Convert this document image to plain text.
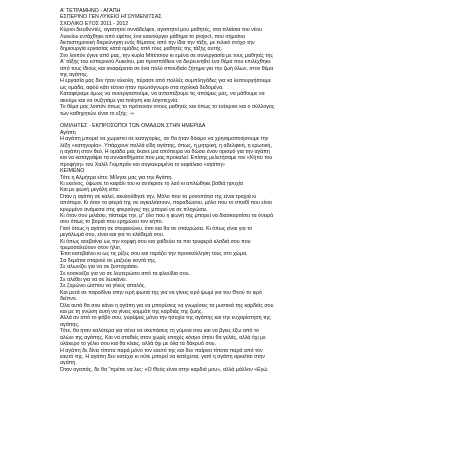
Α' ΤΕΤΡΑΜΗΝΟ - ΑΓΑΠΗ

ΕΣΠΕΡΙΝΟ ΓΕΝ ΛΥΚΕΙΟ ΗΓΟΥΜΕΝΙΤΣΑΣ

ΣΧΟΛΙΚΟ ΕΤΟΣ 2011 - 2012

Κύριοι διευθυντές, αγαπητοί συνάδελφοι, αγαπητοί μου μαθητές, στα πλαίσια του νέου
Λυκείου εντάχθηκε από εφέτος ένα καινούργιο μάθημα το project, που σημαίνει
διεπιστημονική διερεύνηση ενός θέματος από την ίδια την τάξη, με τελικό στόχο την
δημιουργία εργασίας κατά ομάδες από τους μαθητές της τάξης αυτής.
Στο λοιπόν έγινε από μας, την κυρία Μπέτσιου κι εμένα σε συνεργασία με τους μαθητές της
Α' τάξης του εσπερινού Λυκείου, μια προσπάθεια να διερευνηθεί ένα θέμα που επιλέχθηκε
από τους ίδιους και αναφέρεται σε ένα πολύ σπουδαίο ζήτημα για την ζωή όλων, στον θέμα
της αγάπης.
Η εργασία μας δεν ήταν εύκολη, πέρασε από πολλές συμπληγάδες για να λειτουργήσουμε
ως ομάδα, αφού κάτι τέτοιο ήταν πρωτόγνωρο στα σχολικά δεδομένα.
Καταφέραμε όμως να συνεργαστούμε, να ανταπέξουμε τις απόψεις μας, να μάθουμε να
ακούμε και να συζητάμε για ποίηση και λογοτεχνία.
Το θέμα μας λοιπόν όπως το πρότειναν στους μαθητές και όπως το ενέκρινε και ο σύλλογος
των καθηγητών είναι το εξής: -»

ΟΜΙΛΗΤΕΣ - ΕΚΠΡΟΣΩΠΟΙ ΤΩΝ ΟΜΑΔΩΝ ΣΤΗΝ ΗΜΕΡΙΔΑ

Αγάπη
Η αγάπη μπορεί να χωριστεί σε κατηγορίες, αν θα ήταν δόκιμο να χρησιμοποιήσουμε την
λέξη «κατηγορία». Υπάρχουν πολλά είδη αγάπης, όπως, η μητρική, η αδελφική, η ερωτική,
η αγάπη στον θεό. Η ομάδα μας έκανε μια απόπειρα να δώσει έναν ορισμό για την αγάπη
και να καταγράψει τα συναισθήματα που μας προκαλεί. Επίσης μελετήσαμε τον «Κήπο του
προφήτη» του Χαλίλ Γκιμπράν και συγκεκριμένα το κεφάλαιο «αγάπη»
ΚΕΙΜΕΝΟ
Τότε η Αλμήτρα είπε: Μίλησε μας για την Αγάπη.
Κι εκείνος, ύψωσε το κεφάλι του κι αντίκρισε το λαό κι απλώθηκε βαθιά ησυχία
Και με φωνή μεγάλη είπε:
Όταν η αγάπη σε καλεί, ακολούθησέ την, Μόλο που τα μονοπάτια της είναι τραχιά κι
απότομα. Κι όταν τα φτερά της σε αγκαλιάσουν, παραδώσου, μόλο που το σπαθί που είναι
κρυμμένο ανάμεσα στις φτερούγες της μπορεί να σε πληγώσει.
Κι όταν σου μιλάσει, πίστεψε την, μ'' όλο που η φωνή της μπορεί να διασκορπίσει τα όνειρά
σου όπως το βοριά που ερημώνει τον κήπο.
Γιατί όπως η αγάπη σε στεφανώνει, έτσι και θα σε σταυρώσει. Κι όπως είναι για το
μεγάλωμά σου, είναι και για το κλάδεμά σου.
Κι όπως ανεβαίνει ως την κορφή σου και χαϊδεύει τα πιο τρυφερά κλαδιά σου που
τρεμοσαλεύουν στον ήλιο,
Έτσι κατεβαίνει κι ως τις ρίζες σου και ταράζει την προσκόλληση τους στο χώμα.
Σα δεμάτια σταριού σε μαζεύει κοντά της.
Σε αλωνίζει για να σε ξεσταχιάσει.
Σε κοσκινίζει για να σε λευτερώσει από τα φλούδια σου.
Σε αλέθει για να σε λευκάνει.
Σε ζυμώνει ώσπου να γίνεις απαλός.
Και μετά σε παραδίνει στην ιερή φωτιά της για να γίνεις ιερό ψωμί για του Θεού το ιερό
δείπνο.
Όλα αυτά θα σου κάνει η αγάπη για να μπορέσεις να γνωρίσεις τα μυστικά της καρδιάς σου
και με τη γνώση αυτή να γίνεις κομμάτι της καρδιάς της ζωής.
Αλλά αν από το φόβο σου, γυρέψεις μόνο την ησυχία της αγάπης και την ευχαρίστηση της
αγάπης,
Τότε, θα ήταν καλύτερα για σένα να σκεπάσεις τη γύμνια σου και να βγεις έξω από το
αλώνι της αγάπης, Και να σταθείς στον χωρίς εποχές κόσμο όπου θα γελάς, αλλά όχι με
ολάκερο το γέλιο σου και θα κλαις, αλλά όχι με όλα τα δάκρυά σου.
Η αγάπη δε δίνει τίποτα παρά μόνο τον εαυτό της και δεν παίρνει τίποτα παρά από τον
εαυτό της. Η αγάπη δεν κατέχει κι ούτε μπορεί να κατέχεται, γιατί η αγάπη αρκείται στην
αγάπη.
Όταν αγαπάς, δε θα "πρέπε να λες: «Ο Θεός είναι στην καρδιά μου», αλλά μάλλον «Εγώ
